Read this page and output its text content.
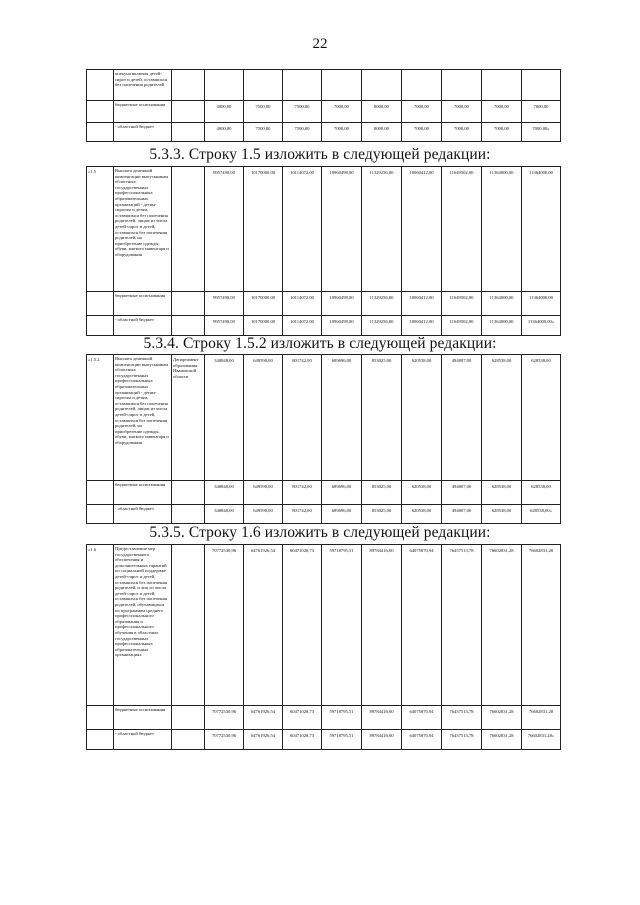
22
	опекуна включая детей-сирот и детей, оставшихся без попечения родителей										
	бюджетные ассигнования		4000,00	7500,00	7500,00	7000,00	8000,00	7000,00	7000,00	7000,00	7000,00
	- областной бюджет		4000,00	7500,00	7500,00	7000,00	8000,00	7000,00	7000,00	7000,00	7000,00»
5.3.3. Строку 1.5 изложить в следующей редакции:
«1.5	Выплата денежной компенсации выпускникам областных государственных профессиональных образовательных организаций - детям-сиротам и детям, оставшимся без попечения родителей, лицам из числа детей-сирот и детей, оставшихся без попечения родителей, на приобретение одежды, обуви, мягкого инвентаря и оборудования		9957490,00	10170000,00	10114072,00	10960498,00	11329256,00	10060412,00	11649502,00	11364000,00	11364000,00
	бюджетные ассигнования		9957490,00	10170000,00	10114072,00	10960498,00	11329256,00	10060412,00	11649502,00	11364000,00	11364000,00
	- областной бюджет		9957490,00	10170000,00	10114072,00	10960498,00	11329256,00	10060412,00	11649502,00	11364000,00	11364000,00»
5.3.4. Строку 1.5.2 изложить в следующей редакции:
«1.5.2	Выплата денежной компенсации выпускникам областных государственных профессиональных образовательных организаций - детям-сиротам и детям, оставшимся без попечения родителей, лицам из числа детей-сирот и детей, оставшихся без попечения родителей, на приобретение одежды, обуви, мягкого инвентаря и оборудования	Департамент образования Ивановской области	348848,00	649590,00	801742,00	689696,00	853025,00	620538,00	494807,00	628538,00	628538,00
	бюджетные ассигнования		348848,00	649590,00	801742,00	689696,00	853025,00	620538,00	494807,00	628538,00	628538,00
	- областной бюджет		348848,00	649590,00	801742,00	689696,00	853025,00	620538,00	494807,00	628538,00	628538,00»
5.3.5. Строку 1.6 изложить в следующей редакции:
«1.6	Предоставление мер государственного обеспечения и дополнительных гарантий по социальной поддержке детей-сирот и детей, оставшихся без попечения родителей, и лиц из числа детей-сирот и детей, оставшихся без попечения родителей, обучающихся по программам среднего профессионального образования и профессионального обучения в областных государственных профессиональных образовательных организациях		70772530,96	64761926,54	60471028,73	59718795,51	89784416,00	64075870,94	76457513,78	76602831,28	76602831,28
	бюджетные ассигнования		70772530,96	64761926,54	60471028,73	59718795,51	89784416,00	64075870,94	76457513,78	76602831,28	76602831,28
	- областной бюджет		70772530,96	64761926,54	60471028,73	59718795,51	89784416,00	64075870,94	76457513,78	76602831,28	76602831,28»
